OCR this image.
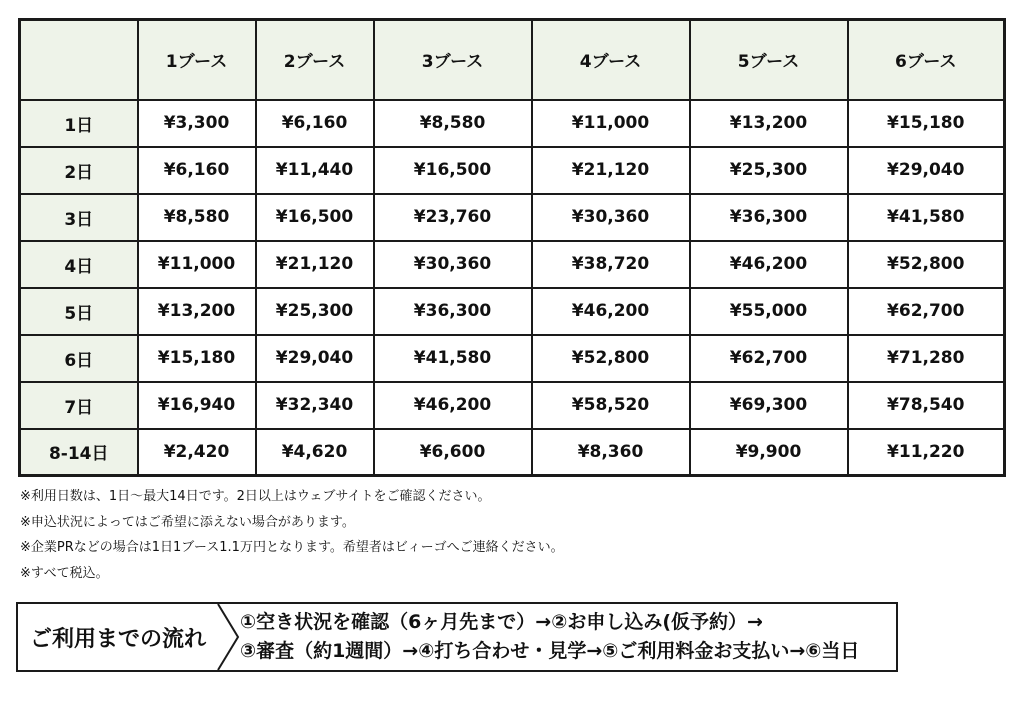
	1ブース	2ブース	3ブース	4ブース	5ブース	6ブース
1日	¥3,300	¥6,160	¥8,580	¥11,000	¥13,200	¥15,180
2日	¥6,160	¥11,440	¥16,500	¥21,120	¥25,300	¥29,040
3日	¥8,580	¥16,500	¥23,760	¥30,360	¥36,300	¥41,580
4日	¥11,000	¥21,120	¥30,360	¥38,720	¥46,200	¥52,800
5日	¥13,200	¥25,300	¥36,300	¥46,200	¥55,000	¥62,700
6日	¥15,180	¥29,040	¥41,580	¥52,800	¥62,700	¥71,280
7日	¥16,940	¥32,340	¥46,200	¥58,520	¥69,300	¥78,540
8-14日	¥2,420	¥4,620	¥6,600	¥8,360	¥9,900	¥11,220
※利用日数は、1日〜最大14日です。2日以上はウェブサイトをご確認ください。
※申込状況によってはご希望に添えない場合があります。
※企業PRなどの場合は1日1ブース1.1万円となります。希望者はビィーゴへご連絡ください。
※すべて税込。
ご利用までの流れ
①空き状況を確認（6ヶ月先まで）→②お申し込み(仮予約）→
③審査（約1週間）→④打ち合わせ・見学→⑤ご利用料金お支払い→⑥当日
